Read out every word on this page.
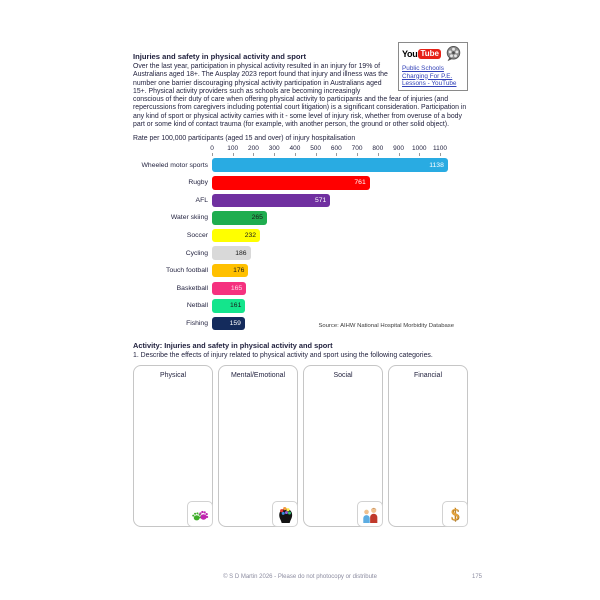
You Tube
Public Schools Charging For P.E. Lessons - YouTube
Injuries and safety in physical activity and sport

Over the last year, participation in physical activity resulted in an injury for 19% of Australians aged 18+. The Ausplay 2023 report found that injury and illness was the number one barrier discouraging physical activity participation in Australians aged 15+. Physical activity providers such as schools are becoming increasingly conscious of their duty of care when offering physical activity to participants and the fear of injuries (and repercussions from caregivers including potential court litigation) is a significant consideration. Participation in any kind of sport or physical activity carries with it - some level of injury risk, whether from overuse of a body part or some kind of contact trauma (for example, with another person, the ground or other solid object).

Rate per 100,000 participants (aged 15 and over) of injury hospitalisation
0 100 200 300 400 500 600 700 800 900 1000 1100
Wheeled motor sports	1138
Rugby	761
AFL	571
Water skiing	265
Soccer	232
Cycling	186
Touch football	176
Basketball	165
Netball	161
Fishing	159	Source: AIHW National Hospital Morbidity Database
Activity: Injuries and safety in physical activity and sport
1. Describe the effects of injury related to physical activity and sport using the following categories.
Physical	Mental/Emotional	Social	Financial
$
© S D Martin 2026 - Please do not photocopy or distribute	175
